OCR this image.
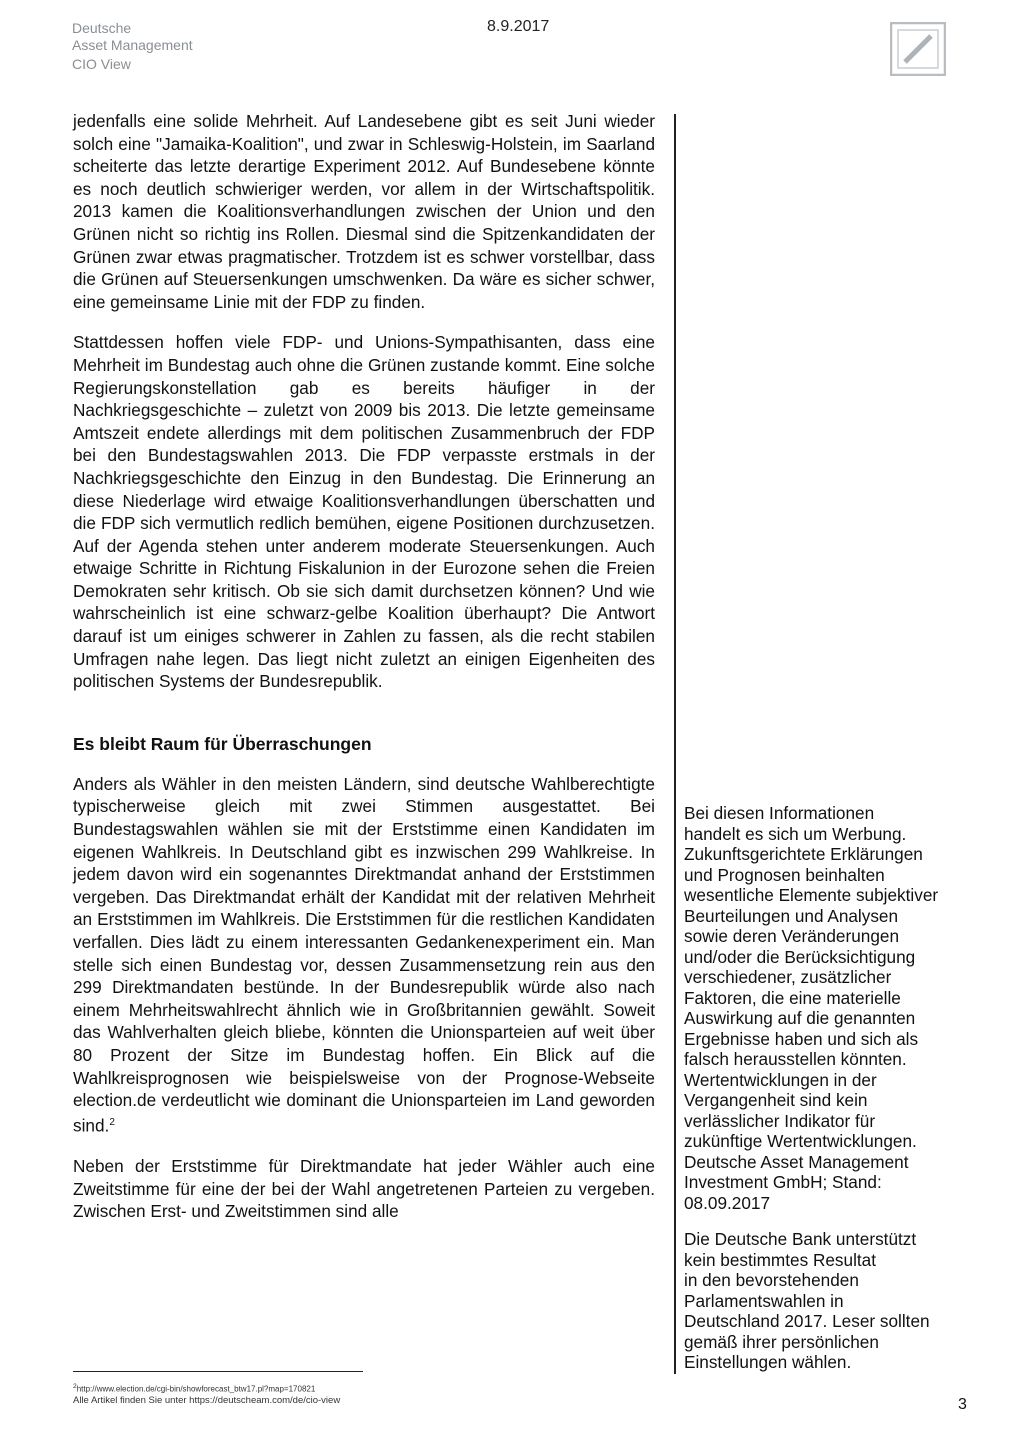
Deutsche
Asset Management
CIO View
8.9.2017

jedenfalls eine solide Mehrheit. Auf Landesebene gibt es seit Juni wieder solch eine "Jamaika-Koalition", und zwar in Schleswig-Holstein, im Saarland scheiterte das letzte derartige Experiment 2012. Auf Bundesebene könnte es noch deutlich schwieriger werden, vor allem in der Wirtschaftspolitik. 2013 kamen die Koalitionsverhandlungen zwischen der Union und den Grünen nicht so richtig ins Rollen. Diesmal sind die Spitzenkandidaten der Grünen zwar etwas pragmatischer. Trotzdem ist es schwer vorstellbar, dass die Grünen auf Steuersenkungen umschwenken. Da wäre es sicher schwer, eine gemeinsame Linie mit der FDP zu finden.

Stattdessen hoffen viele FDP- und Unions-Sympathisanten, dass eine Mehrheit im Bundestag auch ohne die Grünen zustande kommt. Eine solche Regierungskonstellation gab es bereits häufiger in der Nachkriegsgeschichte – zuletzt von 2009 bis 2013. Die letzte gemeinsame Amtszeit endete allerdings mit dem politischen Zusammenbruch der FDP bei den Bundestagswahlen 2013. Die FDP verpasste erstmals in der Nachkriegsgeschichte den Einzug in den Bundestag. Die Erinnerung an diese Niederlage wird etwaige Koalitionsverhandlungen überschatten und die FDP sich vermutlich redlich bemühen, eigene Positionen durchzusetzen. Auf der Agenda stehen unter anderem moderate Steuersenkungen. Auch etwaige Schritte in Richtung Fiskalunion in der Eurozone sehen die Freien Demokraten sehr kritisch. Ob sie sich damit durchsetzen können? Und wie wahrscheinlich ist eine schwarz-gelbe Koalition überhaupt? Die Antwort darauf ist um einiges schwerer in Zahlen zu fassen, als die recht stabilen Umfragen nahe legen. Das liegt nicht zuletzt an einigen Eigenheiten des politischen Systems der Bundesrepublik.

Es bleibt Raum für Überraschungen

Anders als Wähler in den meisten Ländern, sind deutsche Wahlberechtigte typischerweise gleich mit zwei Stimmen ausgestattet. Bei Bundestagswahlen wählen sie mit der Erststimme einen Kandidaten im eigenen Wahlkreis. In Deutschland gibt es inzwischen 299 Wahlkreise. In jedem davon wird ein sogenanntes Direktmandat anhand der Erststimmen vergeben. Das Direktmandat erhält der Kandidat mit der relativen Mehrheit an Erststimmen im Wahlkreis. Die Erststimmen für die restlichen Kandidaten verfallen. Dies lädt zu einem interessanten Gedankenexperiment ein. Man stelle sich einen Bundestag vor, dessen Zusammensetzung rein aus den 299 Direktmandaten bestünde. In der Bundesrepublik würde also nach einem Mehrheitswahlrecht ähnlich wie in Großbritannien gewählt. Soweit das Wahlverhalten gleich bliebe, könnten die Unionsparteien auf weit über 80 Prozent der Sitze im Bundestag hoffen. Ein Blick auf die Wahlkreisprognosen wie beispielsweise von der Prognose-Webseite election.de verdeutlicht wie dominant die Unionsparteien im Land geworden sind.$^2$

Neben der Erststimme für Direktmandate hat jeder Wähler auch eine Zweitstimme für eine der bei der Wahl angetretenen Parteien zu vergeben. Zwischen Erst- und Zweitstimmen sind alle

Bei diesen Informationen
handelt es sich um Werbung.
Zukunftsgerichtete Erklärungen
und Prognosen beinhalten
wesentliche Elemente subjektiver
Beurteilungen und Analysen
sowie deren Veränderungen
und/oder die Berücksichtigung
verschiedener, zusätzlicher
Faktoren, die eine materielle
Auswirkung auf die genannten
Ergebnisse haben und sich als
falsch herausstellen könnten.
Wertentwicklungen in der
Vergangenheit sind kein
verlässlicher Indikator für
zukünftige Wertentwicklungen.
Deutsche Asset Management
Investment GmbH; Stand:
08.09.2017

Die Deutsche Bank unterstützt
kein bestimmtes Resultat
in den bevorstehenden
Parlamentswahlen in
Deutschland 2017. Leser sollten
gemäß ihrer persönlichen
Einstellungen wählen.

$^2$http://www.election.de/cgi-bin/showforecast_btw17.pl?map=170821
Alle Artikel finden Sie unter https://deutscheam.com/de/cio-view	3
